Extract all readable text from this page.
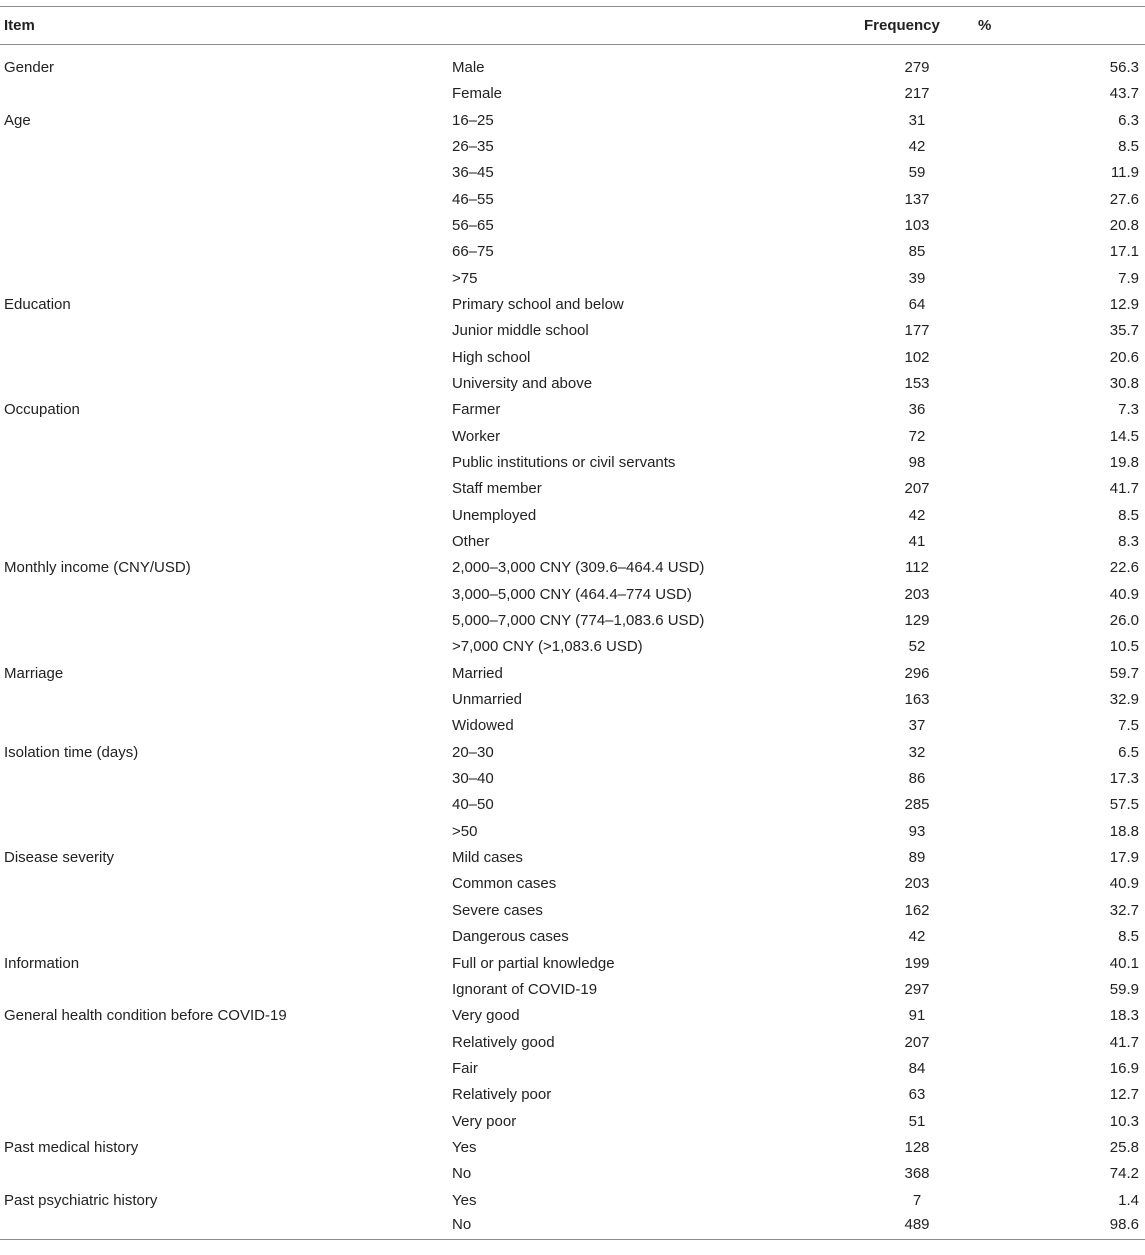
Item		Frequency	%
Gender	Male	279	56.3
	Female	217	43.7
Age	16–25	31	6.3
	26–35	42	8.5
	36–45	59	11.9
	46–55	137	27.6
	56–65	103	20.8
	66–75	85	17.1
	>75	39	7.9
Education	Primary school and below	64	12.9
	Junior middle school	177	35.7
	High school	102	20.6
	University and above	153	30.8
Occupation	Farmer	36	7.3
	Worker	72	14.5
	Public institutions or civil servants	98	19.8
	Staff member	207	41.7
	Unemployed	42	8.5
	Other	41	8.3
Monthly income (CNY/USD)	2,000–3,000 CNY (309.6–464.4 USD)	112	22.6
	3,000–5,000 CNY (464.4–774 USD)	203	40.9
	5,000–7,000 CNY (774–1,083.6 USD)	129	26.0
	>7,000 CNY (>1,083.6 USD)	52	10.5
Marriage	Married	296	59.7
	Unmarried	163	32.9
	Widowed	37	7.5
Isolation time (days)	20–30	32	6.5
	30–40	86	17.3
	40–50	285	57.5
	>50	93	18.8
Disease severity	Mild cases	89	17.9
	Common cases	203	40.9
	Severe cases	162	32.7
	Dangerous cases	42	8.5
Information	Full or partial knowledge	199	40.1
	Ignorant of COVID-19	297	59.9
General health condition before COVID-19	Very good	91	18.3
	Relatively good	207	41.7
	Fair	84	16.9
	Relatively poor	63	12.7
	Very poor	51	10.3
Past medical history	Yes	128	25.8
	No	368	74.2
Past psychiatric history	Yes	7	1.4
	No	489	98.6
